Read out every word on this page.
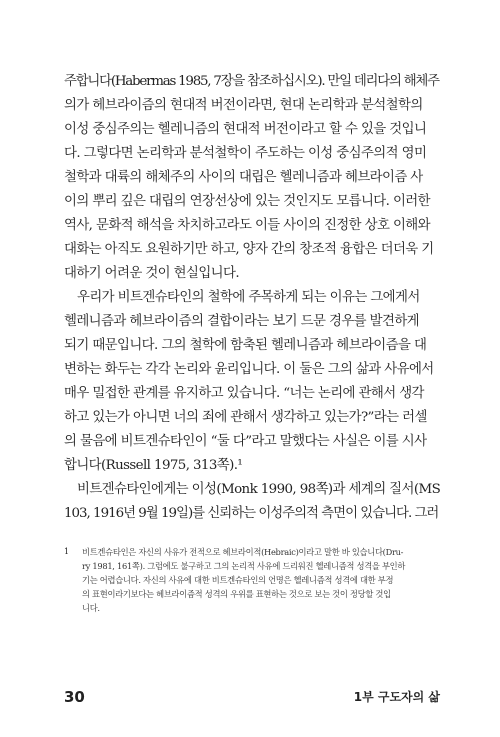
주합니다(Habermas 1985, 7장을 참조하십시오). 만일 데리다의 해체주
의가 헤브라이즘의 현대적 버전이라면, 현대 논리학과 분석철학의
이성 중심주의는 헬레니즘의 현대적 버전이라고 할 수 있을 것입니
다. 그렇다면 논리학과 분석철학이 주도하는 이성 중심주의적 영미
철학과 대륙의 해체주의 사이의 대립은 헬레니즘과 헤브라이즘 사
이의 뿌리 깊은 대립의 연장선상에 있는 것인지도 모릅니다. 이러한
역사, 문화적 해석을 차치하고라도 이들 사이의 진정한 상호 이해와
대화는 아직도 요원하기만 하고, 양자 간의 창조적 융합은 더더욱 기
대하기 어려운 것이 현실입니다.
우리가 비트겐슈타인의 철학에 주목하게 되는 이유는 그에게서
헬레니즘과 헤브라이즘의 결합이라는 보기 드문 경우를 발견하게
되기 때문입니다. 그의 철학에 함축된 헬레니즘과 헤브라이즘을 대
변하는 화두는 각각 논리와 윤리입니다. 이 둘은 그의 삶과 사유에서
매우 밀접한 관계를 유지하고 있습니다. “너는 논리에 관해서 생각
하고 있는가 아니면 너의 죄에 관해서 생각하고 있는가?”라는 러셀
의 물음에 비트겐슈타인이 “둘 다”라고 말했다는 사실은 이를 시사
합니다(Russell 1975, 313쪽).¹
비트겐슈타인에게는 이성(Monk 1990, 98쪽)과 세계의 질서(MS
103, 1916년 9월 19일)를 신뢰하는 이성주의적 측면이 있습니다. 그러
1 비트겐슈타인은 자신의 사유가 전적으로 헤브라이적(Hebraic)이라고 말한 바 있습니다(Dru-
ry 1981, 161쪽). 그럼에도 불구하고 그의 논리적 사유에 드리워진 헬레니즘적 성격을 부인하
기는 어렵습니다. 자신의 사유에 대한 비트겐슈타인의 언명은 헬레니즘적 성격에 대한 부정
의 표현이라기보다는 헤브라이즘적 성격의 우위를 표현하는 것으로 보는 것이 정당할 것입
니다.
30	1부 구도자의 삶
